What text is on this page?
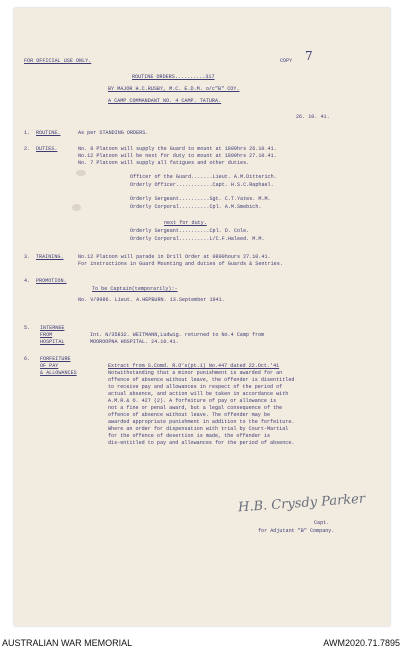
FOR OFFICIAL USE ONLY.	COPY 7
ROUTINE ORDERS..........317
BY MAJOR H.C.RUSBY, M.C. E.D.M. o/c"B" COY.
A CAMP COMMANDANT NO. 4 CAMP. TATURA.
26. 10. 41.
1. ROUTINE.	As per STANDING ORDERS.
2. DUTIES.	No. 8 Platoon will supply the Guard to mount at 1800hrs 26.10.41.
No.12 Platoon will be next for duty to mount at 1800hrs 27.10.41.
No. 7 Platoon will supply all fatigues and other duties.
Officer of the Guard.......Lieut. A.M.Ditterich.
Orderly Officer............Capt. H.S.C.Raphael.
Orderly Sergeant..........Sgt. C.T.Yates. M.M.
Orderly Corporal..........Cpl. A.M.Smebich.
next for duty.
Orderly Sergeant..........Cpl. D. Cole.
Orderly Corporal..........L/C.F.Haleed. M.M.
3. TRAINING.	No.12 Platoon will parade in Drill Order at 0800hours 27.10.41.
For instructions in Guard Mounting and duties of Guards & Sentries.
4. PROMOTION.
To be Captain(temporarily):-
No. V/9986. Lieut. A.HEPBURN. 13.September 1941.
5. INTERNEE
FROM
HOSPITAL
Int. N/35832. WEITMANN,Ludwig. returned to No.4 Camp from
MOOROOPNA HOSPITAL. 24.10.41.
6. FORFEITURE
OF PAY
& ALLOWANCES
Extract from S.Comd. R.O's(pt.1) No.447 dated 22.Oct.'41
Notwithstanding that a minor punishment is awarded for an
offence of absence without leave, the offender is disentitled
to receive pay and allowances in respect of the period of
actual absence, and action will be taken in accordance with
A.M.R.& O. 427 (2). A forfeiture of pay or allowance is
not a fine or penal award, but a legal consequence of the
offence of absence without leave. The offender may be
awarded appropriate punishment in addition to the forfeiture.
Where an order for dispensation with trial by Court-Martial
for the offence of desertion is made, the offender is
dis-entitled to pay and allowances for the period of absence.
H.B. Crysdy Parker
Capt.
for Adjutant "B" Company.
AUSTRALIAN WAR MEMORIAL	AWM2020.71.7895
